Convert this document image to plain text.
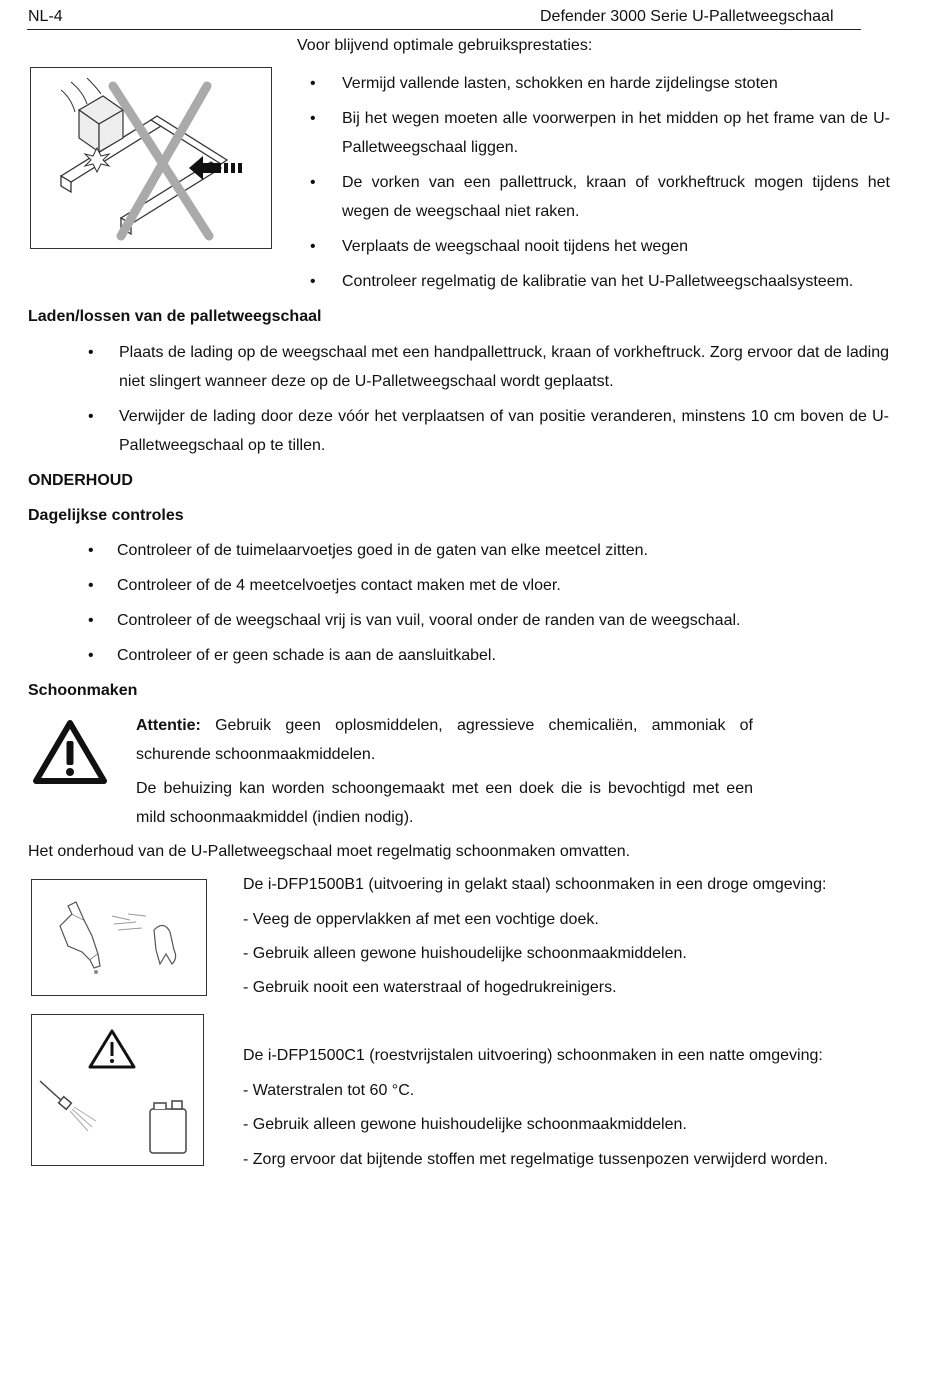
NL-4	Defender 3000 Serie U-Palletweegschaal
Voor blijvend optimale gebruiksprestaties:
•	Vermijd vallende lasten, schokken en harde zijdelingse stoten
•	Bij het wegen moeten alle voorwerpen in het midden op het frame van de U-Palletweegschaal liggen.
•	De vorken van een pallettruck, kraan of vorkheftruck mogen tijdens het wegen de weegschaal niet raken.
•	Verplaats de weegschaal nooit tijdens het wegen
•	Controleer regelmatig de kalibratie van het U-Palletweegschaalsysteem.
Laden/lossen van de palletweegschaal
•	Plaats de lading op de weegschaal met een handpallettruck, kraan of vorkheftruck. Zorg ervoor dat de lading niet slingert wanneer deze op de U-Palletweegschaal wordt geplaatst.
•	Verwijder de lading door deze vóór het verplaatsen of van positie veranderen, minstens 10 cm boven de U-Palletweegschaal op te tillen.
ONDERHOUD
Dagelijkse controles
•	Controleer of de tuimelaarvoetjes goed in de gaten van elke meetcel zitten.
•	Controleer of de 4 meetcelvoetjes contact maken met de vloer.
•	Controleer of de weegschaal vrij is van vuil, vooral onder de randen van de weegschaal.
•	Controleer of er geen schade is aan de aansluitkabel.
Schoonmaken
Attentie: Gebruik geen oplosmiddelen, agressieve chemicaliën, ammoniak of schurende schoonmaakmiddelen.
De behuizing kan worden schoongemaakt met een doek die is bevochtigd met een mild schoonmaakmiddel (indien nodig).
Het onderhoud van de U-Palletweegschaal moet regelmatig schoonmaken omvatten.
De i-DFP1500B1 (uitvoering in gelakt staal) schoonmaken in een droge omgeving:
- Veeg de oppervlakken af met een vochtige doek.
- Gebruik alleen gewone huishoudelijke schoonmaakmiddelen.
- Gebruik nooit een waterstraal of hogedrukreinigers.
De i-DFP1500C1 (roestvrijstalen uitvoering) schoonmaken in een natte omgeving:
- Waterstralen tot 60 °C.
- Gebruik alleen gewone huishoudelijke schoonmaakmiddelen.
- Zorg ervoor dat bijtende stoffen met regelmatige tussenpozen verwijderd worden.
